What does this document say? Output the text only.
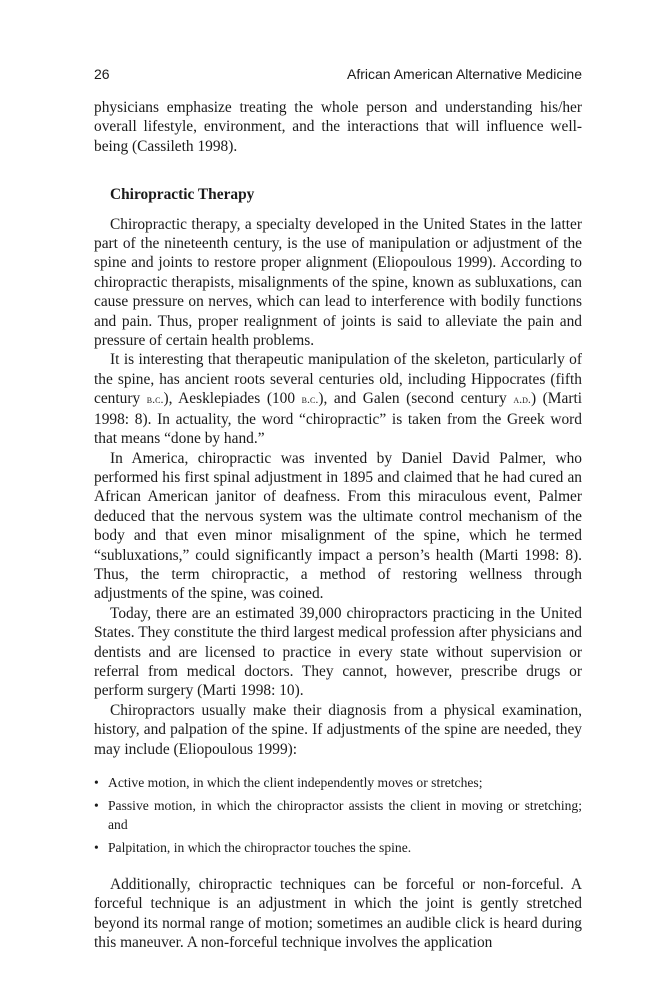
26	African American Alternative Medicine

physicians emphasize treating the whole person and understanding his/her overall lifestyle, environment, and the interactions that will influence well-being (Cassileth 1998).

Chiropractic Therapy

Chiropractic therapy, a specialty developed in the United States in the latter part of the nineteenth century, is the use of manipulation or adjustment of the spine and joints to restore proper alignment (Eliopoulous 1999). According to chiropractic therapists, misalignments of the spine, known as subluxations, can cause pressure on nerves, which can lead to interference with bodily functions and pain. Thus, proper realignment of joints is said to alleviate the pain and pressure of certain health problems.

It is interesting that therapeutic manipulation of the skeleton, particularly of the spine, has ancient roots several centuries old, including Hippocrates (fifth century b.c.), Aesklepiades (100 b.c.), and Galen (second century a.d.) (Marti 1998: 8). In actuality, the word “chiropractic” is taken from the Greek word that means “done by hand.”

In America, chiropractic was invented by Daniel David Palmer, who performed his first spinal adjustment in 1895 and claimed that he had cured an African American janitor of deafness. From this miraculous event, Palmer deduced that the nervous system was the ultimate control mechanism of the body and that even minor misalignment of the spine, which he termed “subluxations,” could significantly impact a person’s health (Marti 1998: 8). Thus, the term chiropractic, a method of restoring wellness through adjustments of the spine, was coined.

Today, there are an estimated 39,000 chiropractors practicing in the United States. They constitute the third largest medical profession after physicians and dentists and are licensed to practice in every state without supervision or referral from medical doctors. They cannot, however, prescribe drugs or perform surgery (Marti 1998: 10).

Chiropractors usually make their diagnosis from a physical examination, history, and palpation of the spine. If adjustments of the spine are needed, they may include (Eliopoulous 1999):

• Active motion, in which the client independently moves or stretches;
• Passive motion, in which the chiropractor assists the client in moving or stretching; and
• Palpitation, in which the chiropractor touches the spine.

Additionally, chiropractic techniques can be forceful or non-forceful. A forceful technique is an adjustment in which the joint is gently stretched beyond its normal range of motion; sometimes an audible click is heard during this maneuver. A non-forceful technique involves the application
